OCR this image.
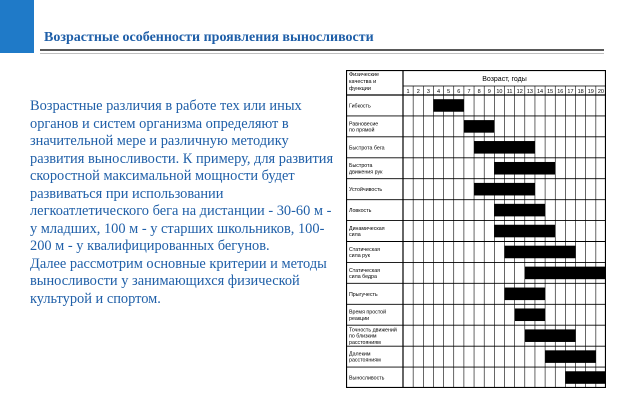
Возрастные особенности проявления выносливости

Возрастные различия в работе тех или иных органов и систем организма определяют в значительной мере и различную методику развития выносливости. К примеру, для развития скоростной максимальной мощности будет развиваться при использовании легкоатлетического бега на дистанции - 30-60 м - у младших, 100 м - у старших школьников, 100-200 м - у квалифицированных бегунов.

Далее рассмотрим основные критерии и методы выносливости у занимающихся физической культурой и спортом.

Физические
качества и
функции
Возраст, годы
1 2 3 4 5 6 7 8 9 10 11 12 13 14 15 16 17 18 19 20
Гибкость
Равновесие
по прямой
Быстрота бега
Быстрота
движения рук
Устойчивость
Ловкость
Динамическая
сила
Статическая
сила рук
Статическая
сила бедра
Прыгучесть
Время простой
реакции
Точность движений
по близким
расстояниям
Далеким
расстояниям
Выносливость
